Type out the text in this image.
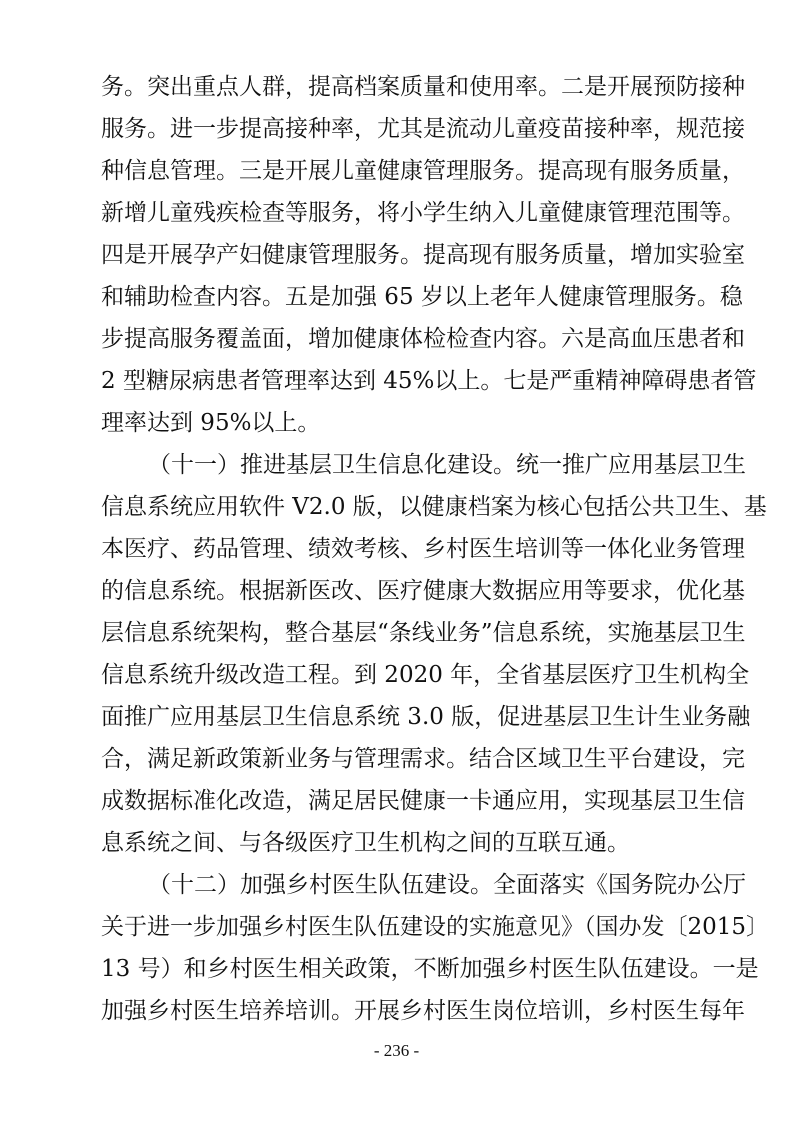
务。突出重点人群，提高档案质量和使用率。二是开展预防接种
服务。进一步提高接种率，尤其是流动儿童疫苗接种率，规范接
种信息管理。三是开展儿童健康管理服务。提高现有服务质量，
新增儿童残疾检查等服务，将小学生纳入儿童健康管理范围等。
四是开展孕产妇健康管理服务。提高现有服务质量，增加实验室
和辅助检查内容。五是加强 65 岁以上老年人健康管理服务。稳
步提高服务覆盖面，增加健康体检检查内容。六是高血压患者和
2 型糖尿病患者管理率达到 45%以上。七是严重精神障碍患者管
理率达到 95%以上。
（十一）推进基层卫生信息化建设。统一推广应用基层卫生
信息系统应用软件 V2.0 版，以健康档案为核心包括公共卫生、基
本医疗、药品管理、绩效考核、乡村医生培训等一体化业务管理
的信息系统。根据新医改、医疗健康大数据应用等要求，优化基
层信息系统架构，整合基层“条线业务”信息系统，实施基层卫生
信息系统升级改造工程。到 2020 年，全省基层医疗卫生机构全
面推广应用基层卫生信息系统 3.0 版，促进基层卫生计生业务融
合，满足新政策新业务与管理需求。结合区域卫生平台建设，完
成数据标准化改造，满足居民健康一卡通应用，实现基层卫生信
息系统之间、与各级医疗卫生机构之间的互联互通。
（十二）加强乡村医生队伍建设。全面落实《国务院办公厅
关于进一步加强乡村医生队伍建设的实施意见》（国办发〔2015〕
13 号）和乡村医生相关政策，不断加强乡村医生队伍建设。一是
加强乡村医生培养培训。开展乡村医生岗位培训，乡村医生每年
- 236 -
